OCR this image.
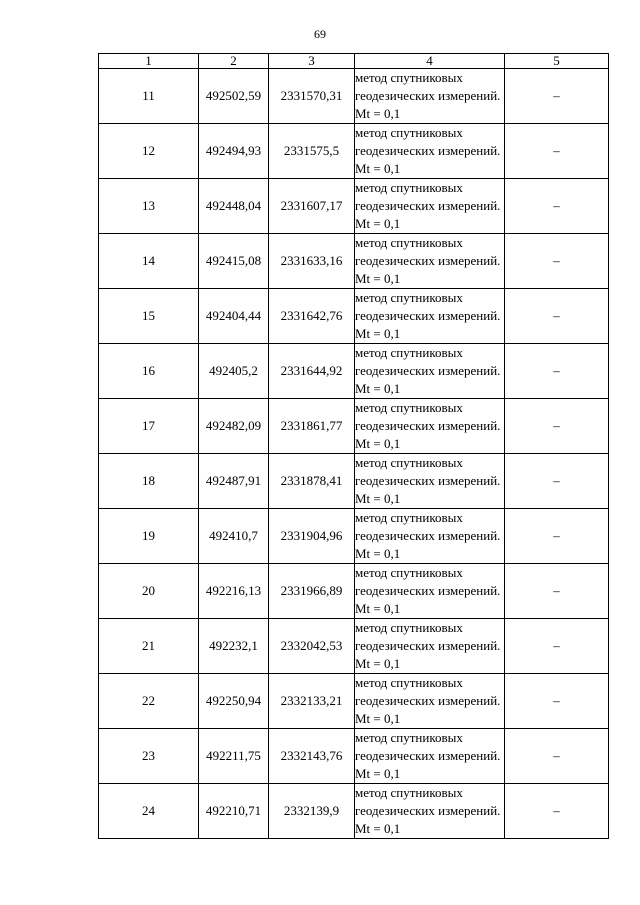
69
1	2	3	4	5
11	492502,59	2331570,31	метод спутниковых геодезических измерений. Mt = 0,1	–
12	492494,93	2331575,5	метод спутниковых геодезических измерений. Mt = 0,1	–
13	492448,04	2331607,17	метод спутниковых геодезических измерений. Mt = 0,1	–
14	492415,08	2331633,16	метод спутниковых геодезических измерений. Mt = 0,1	–
15	492404,44	2331642,76	метод спутниковых геодезических измерений. Mt = 0,1	–
16	492405,2	2331644,92	метод спутниковых геодезических измерений. Mt = 0,1	–
17	492482,09	2331861,77	метод спутниковых геодезических измерений. Mt = 0,1	–
18	492487,91	2331878,41	метод спутниковых геодезических измерений. Mt = 0,1	–
19	492410,7	2331904,96	метод спутниковых геодезических измерений. Mt = 0,1	–
20	492216,13	2331966,89	метод спутниковых геодезических измерений. Mt = 0,1	–
21	492232,1	2332042,53	метод спутниковых геодезических измерений. Mt = 0,1	–
22	492250,94	2332133,21	метод спутниковых геодезических измерений. Mt = 0,1	–
23	492211,75	2332143,76	метод спутниковых геодезических измерений. Mt = 0,1	–
24	492210,71	2332139,9	метод спутниковых геодезических измерений. Mt = 0,1	–
